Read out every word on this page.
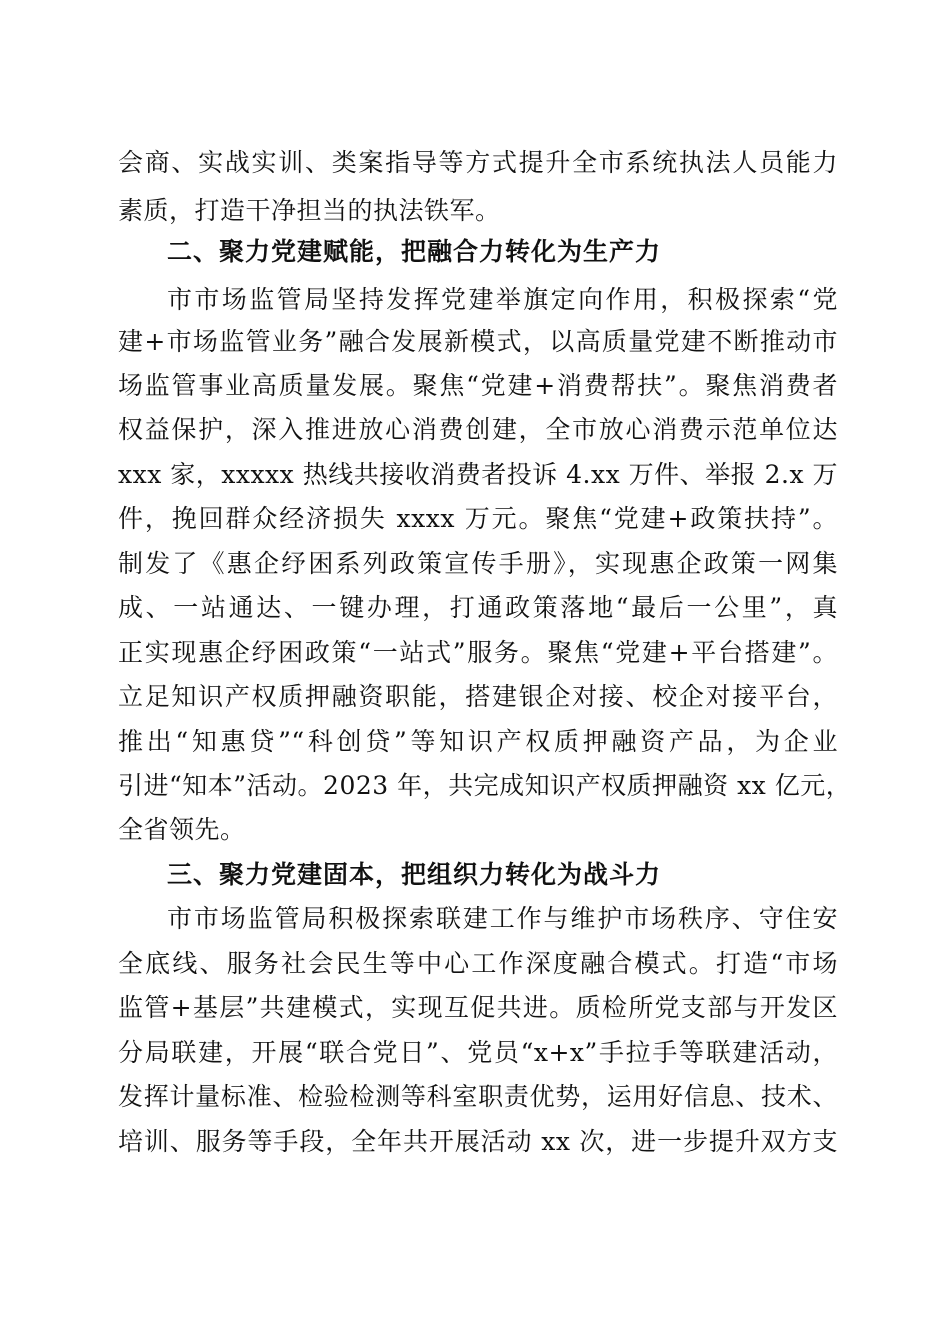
会商、实战实训、类案指导等方式提升全市系统执法人员能力
素质，打造干净担当的执法铁军。
二、聚力党建赋能，把融合力转化为生产力
市市场监管局坚持发挥党建举旗定向作用，积极探索“党
建+市场监管业务”融合发展新模式，以高质量党建不断推动市
场监管事业高质量发展。聚焦“党建+消费帮扶”。聚焦消费者
权益保护，深入推进放心消费创建，全市放心消费示范单位达
xxx 家，xxxxx 热线共接收消费者投诉 4.xx 万件、举报 2.x 万
件，挽回群众经济损失 xxxx 万元。聚焦“党建+政策扶持”。
制发了《惠企纾困系列政策宣传手册》，实现惠企政策一网集
成、一站通达、一键办理，打通政策落地“最后一公里”，真
正实现惠企纾困政策“一站式”服务。聚焦“党建+平台搭建”。
立足知识产权质押融资职能，搭建银企对接、校企对接平台，
推出“知惠贷”“科创贷”等知识产权质押融资产品，为企业
引进“知本”活动。2023 年，共完成知识产权质押融资 xx 亿元，
全省领先。
三、聚力党建固本，把组织力转化为战斗力
市市场监管局积极探索联建工作与维护市场秩序、守住安
全底线、服务社会民生等中心工作深度融合模式。打造“市场
监管+基层”共建模式，实现互促共进。质检所党支部与开发区
分局联建，开展“联合党日”、党员“x+x”手拉手等联建活动，
发挥计量标准、检验检测等科室职责优势，运用好信息、技术、
培训、服务等手段，全年共开展活动 xx 次，进一步提升双方支
